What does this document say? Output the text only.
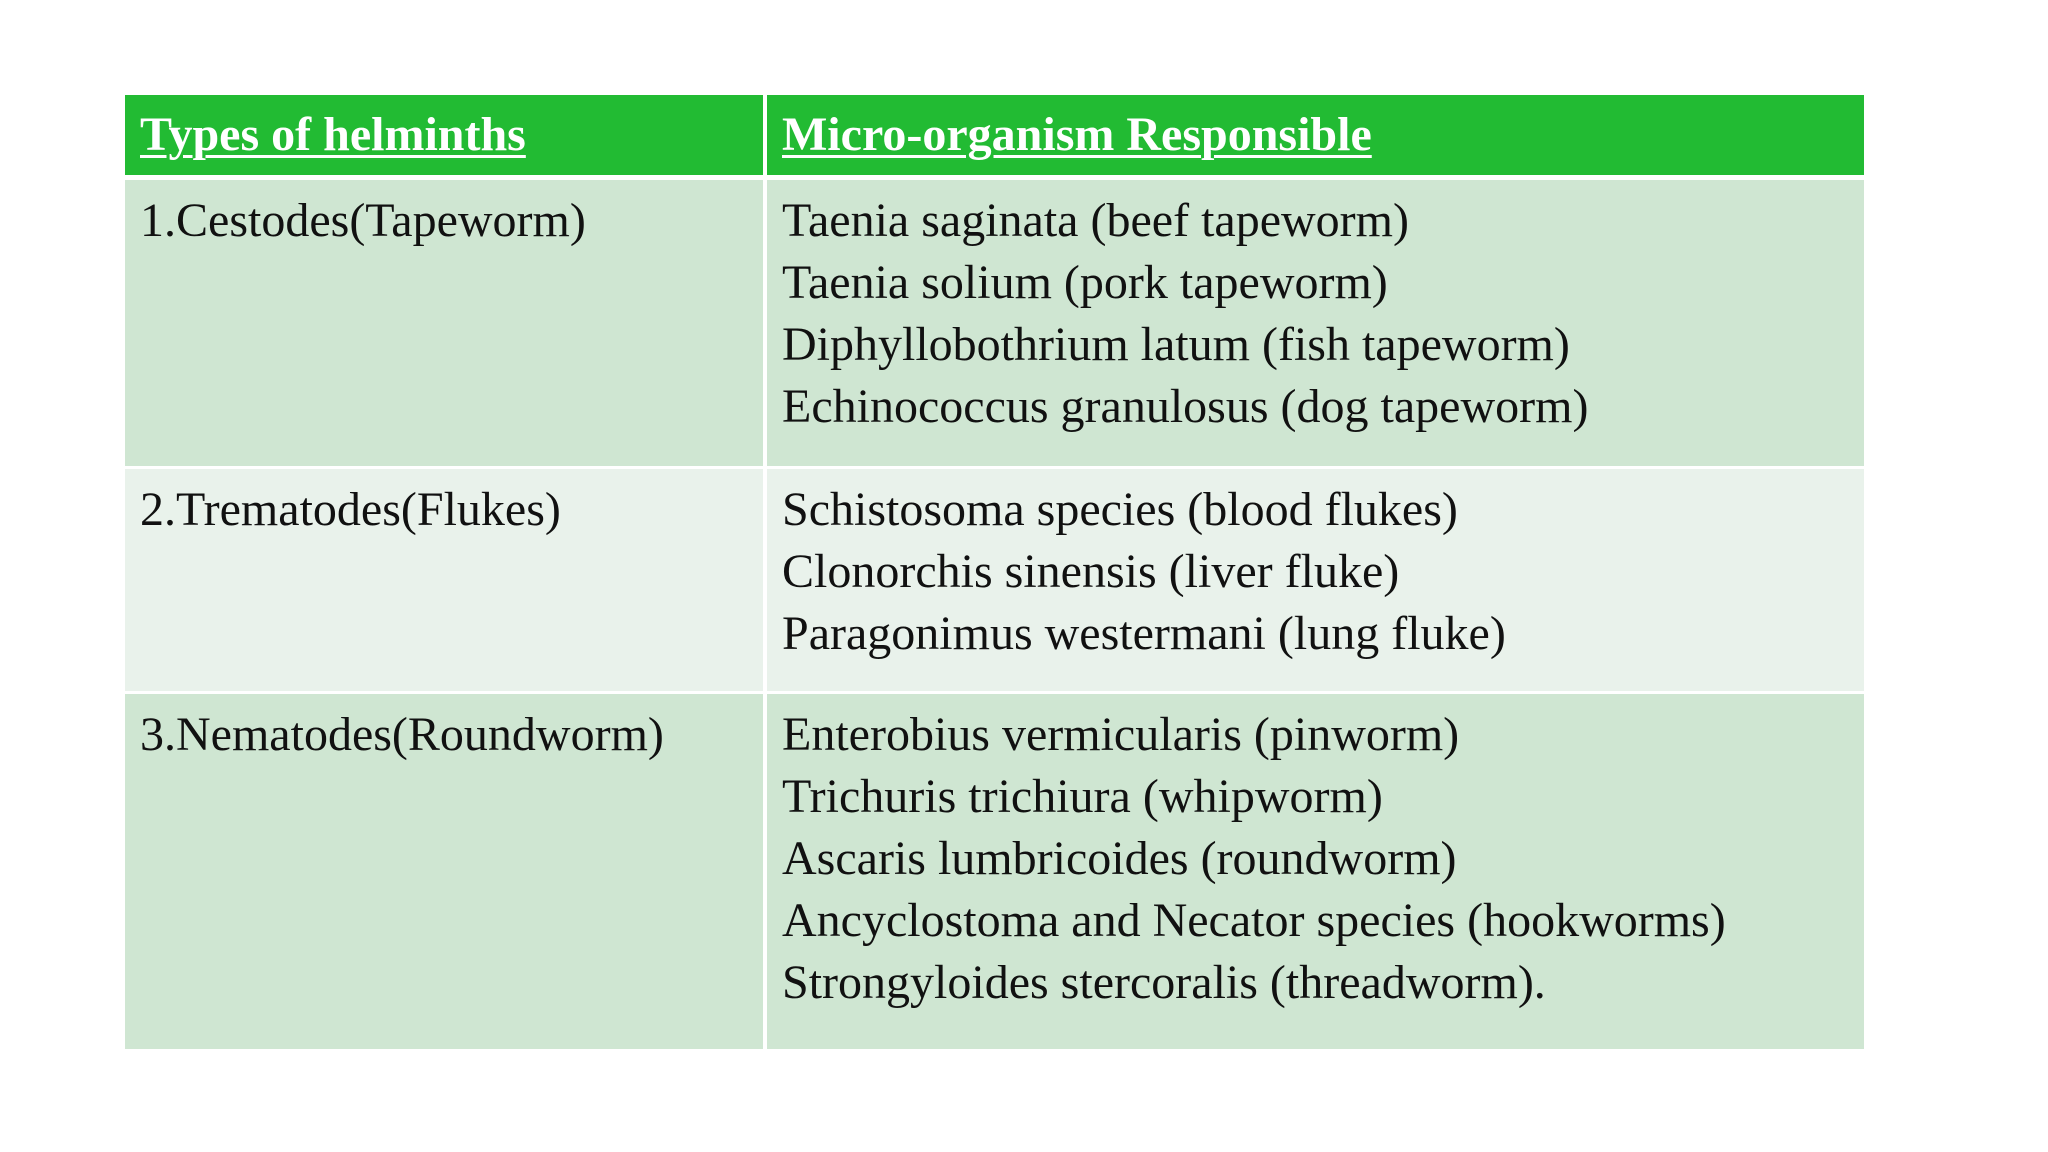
Types of helminths	Micro-organism Responsible
1.Cestodes(Tapeworm)	Taenia saginata (beef tapeworm)
Taenia solium (pork tapeworm)
Diphyllobothrium latum (fish tapeworm)
Echinococcus granulosus (dog tapeworm)

2.Trematodes(Flukes)	Schistosoma species (blood flukes)
Clonorchis sinensis (liver fluke)
Paragonimus westermani (lung fluke)

3.Nematodes(Roundworm)	Enterobius vermicularis (pinworm)
Trichuris trichiura (whipworm)
Ascaris lumbricoides (roundworm)
Ancyclostoma and Necator species (hookworms)
Strongyloides stercoralis (threadworm).
